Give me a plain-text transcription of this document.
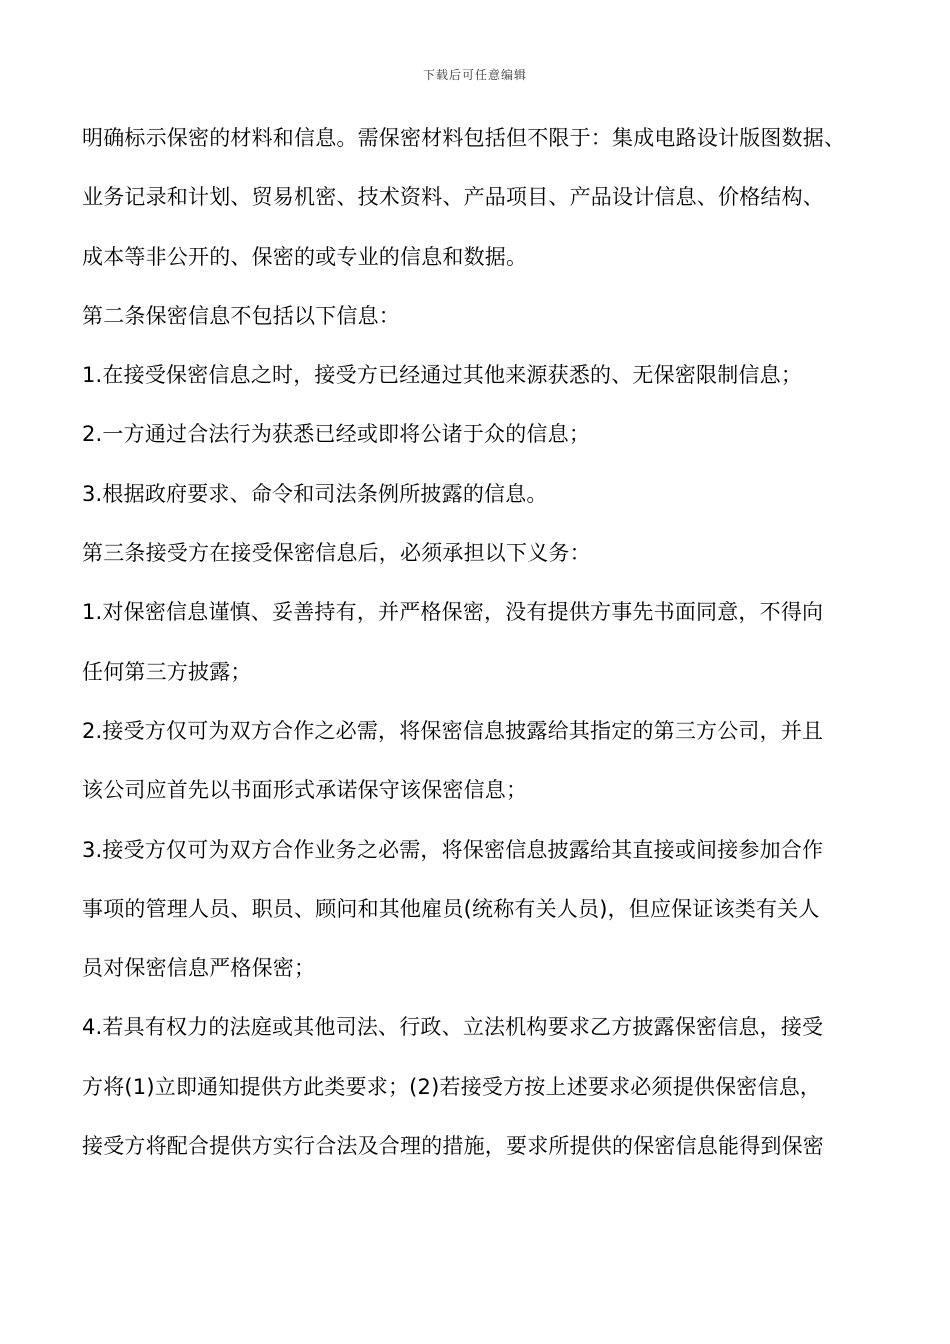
下载后可任意编辑
明确标示保密的材料和信息。需保密材料包括但不限于：集成电路设计版图数据、
业务记录和计划、贸易机密、技术资料、产品项目、产品设计信息、价格结构、
成本等非公开的、保密的或专业的信息和数据。
第二条保密信息不包括以下信息：
1.在接受保密信息之时，接受方已经通过其他来源获悉的、无保密限制信息；
2.一方通过合法行为获悉已经或即将公诸于众的信息；
3.根据政府要求、命令和司法条例所披露的信息。
第三条接受方在接受保密信息后，必须承担以下义务：
1.对保密信息谨慎、妥善持有，并严格保密，没有提供方事先书面同意，不得向
任何第三方披露；
2.接受方仅可为双方合作之必需，将保密信息披露给其指定的第三方公司，并且
该公司应首先以书面形式承诺保守该保密信息；
3.接受方仅可为双方合作业务之必需，将保密信息披露给其直接或间接参加合作
事项的管理人员、职员、顾问和其他雇员(统称有关人员)，但应保证该类有关人
员对保密信息严格保密；
4.若具有权力的法庭或其他司法、行政、立法机构要求乙方披露保密信息，接受
方将(1)立即通知提供方此类要求；(2)若接受方按上述要求必须提供保密信息，
接受方将配合提供方实行合法及合理的措施，要求所提供的保密信息能得到保密
